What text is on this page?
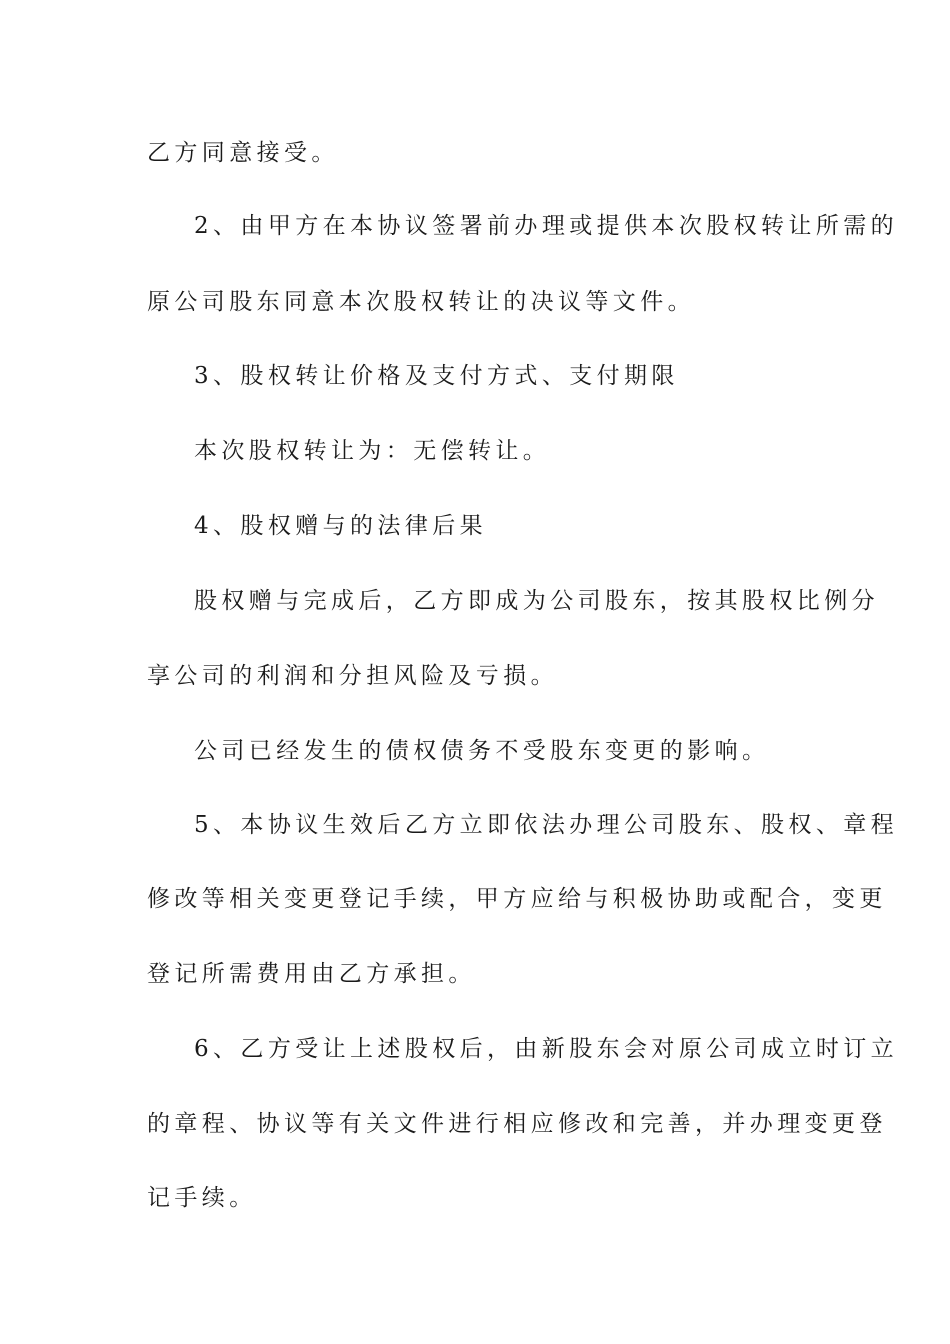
乙方同意接受。
2、由甲方在本协议签署前办理或提供本次股权转让所需的
原公司股东同意本次股权转让的决议等文件。
3、股权转让价格及支付方式、支付期限
本次股权转让为：无偿转让。
4、股权赠与的法律后果
股权赠与完成后，乙方即成为公司股东，按其股权比例分
享公司的利润和分担风险及亏损。
公司已经发生的债权债务不受股东变更的影响。
5、本协议生效后乙方立即依法办理公司股东、股权、章程
修改等相关变更登记手续，甲方应给与积极协助或配合，变更
登记所需费用由乙方承担。
6、乙方受让上述股权后，由新股东会对原公司成立时订立
的章程、协议等有关文件进行相应修改和完善，并办理变更登
记手续。
